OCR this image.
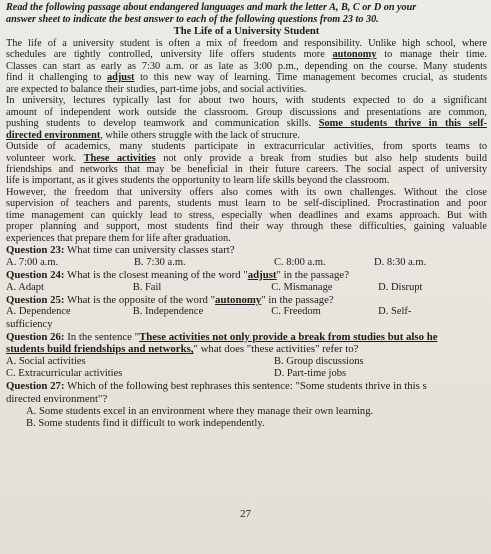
Read the following passage about endangered languages and mark the letter A, B, C or D on your
answer sheet to indicate the best answer to each of the following questions from 23 to 30.
The Life of a University Student
The life of a university student is often a mix of freedom and responsibility. Unlike high school, where
schedules are tightly controlled, university life offers students more autonomy to manage their time.
Classes can start as early as 7:30 a.m. or as late as 3:00 p.m., depending on the course. Many students
find it challenging to adjust to this new way of learning. Time management becomes crucial, as students
are expected to balance their studies, part-time jobs, and social activities.
In university, lectures typically last for about two hours, with students expected to do a significant
amount of independent work outside the classroom. Group discussions and presentations are common,
pushing students to develop teamwork and communication skills. Some students thrive in this self-
directed environment, while others struggle with the lack of structure.
Outside of academics, many students participate in extracurricular activities, from sports teams to
volunteer work. These activities not only provide a break from studies but also help students build
friendships and networks that may be beneficial in their future careers. The social aspect of university
life is important, as it gives students the opportunity to learn life skills beyond the classroom.
However, the freedom that university offers also comes with its own challenges. Without the close
supervision of teachers and parents, students must learn to be self-disciplined. Procrastination and poor
time management can quickly lead to stress, especially when deadlines and exams approach. But with
proper planning and support, most students find their way through these difficulties, gaining valuable
experiences that prepare them for life after graduation.
Question 23: What time can university classes start?
A. 7:00 a.m.	B. 7:30 a.m.	C. 8:00 a.m.	D. 8:30 a.m.
Question 24: What is the closest meaning of the word "adjust" in the passage?
A. Adapt	B. Fail	C. Mismanage	D. Disrupt
Question 25: What is the opposite of the word "autonomy" in the passage?
A. Dependence	B. Independence	C. Freedom	D. Self-
sufficiency
Question 26: In the sentence "These activities not only provide a break from studies but also he
students build friendships and networks," what does "these activities" refer to?
A. Social activities	B. Group discussions
C. Extracurricular activities	D. Part-time jobs
Question 27: Which of the following best rephrases this sentence: "Some students thrive in this s
directed environment"?
A. Some students excel in an environment where they manage their own learning.
B. Some students find it difficult to work independently.
27
